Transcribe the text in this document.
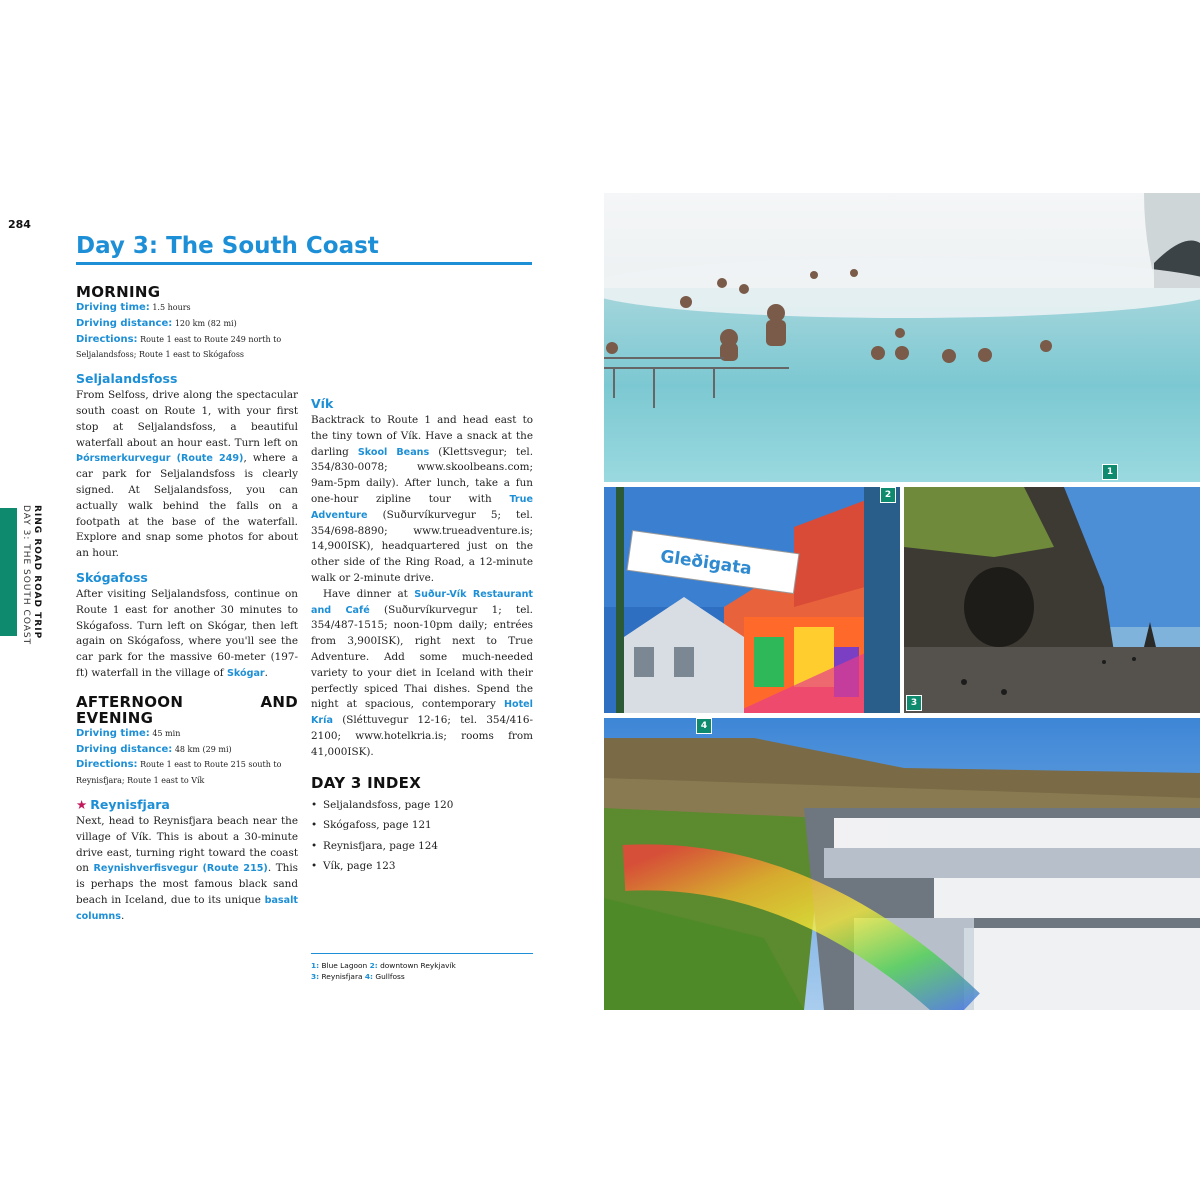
284
RING ROAD ROAD TRIP
DAY 3: THE SOUTH COAST
Day 3: The South Coast
MORNING
Driving time: 1.5 hours
Driving distance: 120 km (82 mi)
Directions: Route 1 east to Route 249 north to Seljalandsfoss; Route 1 east to Skógafoss
Seljalandsfoss

From Selfoss, drive along the spectacular south coast on Route 1, with your first stop at Seljalandsfoss, a beautiful waterfall about an hour east. Turn left on Þórsmerkurvegur (Route 249), where a car park for Seljalandsfoss is clearly signed. At Seljalandsfoss, you can actually walk behind the falls on a footpath at the base of the waterfall. Explore and snap some photos for about an hour.

Skógafoss

After visiting Seljalandsfoss, continue on Route 1 east for another 30 minutes to Skógafoss. Turn left on Skógar, then left again on Skógafoss, where you'll see the car park for the massive 60-meter (197-ft) waterfall in the village of Skógar.

AFTERNOON AND EVENING
Driving time: 45 min
Driving distance: 48 km (29 mi)
Directions: Route 1 east to Route 215 south to Reynisfjara; Route 1 east to Vík
★ Reynisfjara

Next, head to Reynisfjara beach near the village of Vík. This is about a 30-minute drive east, turning right toward the coast on Reynishverfisvegur (Route 215). This is perhaps the most famous black sand beach in Iceland, due to its unique basalt columns.

Vík

Backtrack to Route 1 and head east to the tiny town of Vík. Have a snack at the darling Skool Beans (Klettsvegur; tel. 354/830-0078; www.skoolbeans.com; 9am-5pm daily). After lunch, take a fun one-hour zipline tour with True Adventure (Suðurvíkurvegur 5; tel. 354/698-8890; www.trueadventure.is; 14,900ISK), headquartered just on the other side of the Ring Road, a 12-minute walk or 2-minute drive.

Have dinner at Suður-Vík Restaurant and Café (Suðurvíkurvegur 1; tel. 354/487-1515; noon-10pm daily; entrées from 3,900ISK), right next to True Adventure. Add some much-needed variety to your diet in Iceland with their perfectly spiced Thai dishes. Spend the night at spacious, contemporary Hotel Kría (Sléttuvegur 12-16; tel. 354/416-2100; www.hotelkria.is; rooms from 41,000ISK).

DAY 3 INDEX
• Seljalandsfoss, page 120
• Skógafoss, page 121
• Reynisfjara, page 124
• Vík, page 123
1: Blue Lagoon 2: downtown Reykjavík
3: Reynisfjara 4: Gullfoss
1
Gleðigata
2
3
4
